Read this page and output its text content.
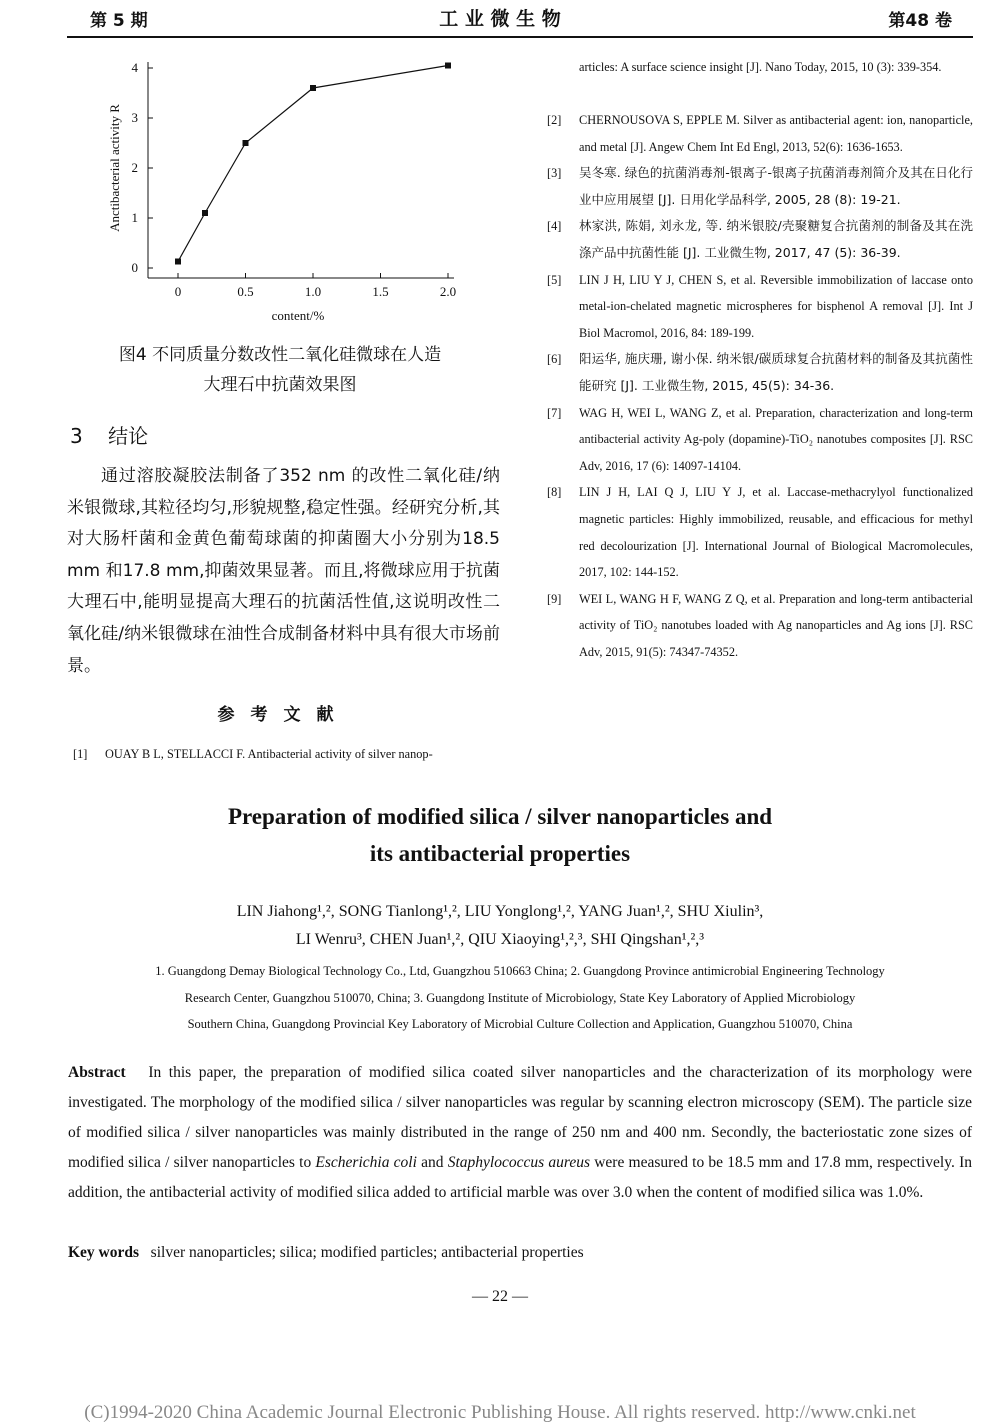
第 5 期	工 业 微 生 物	第48 卷
0
1
2
3
4
0	0.5	1.0	1.5	2.0
Anctibacterial activity R
content/%
图4 不同质量分数改性二氧化硅微球在人造
大理石中抗菌效果图
3 结论

通过溶胶凝胶法制备了352 nm 的改性二氧化硅/纳米银微球,其粒径均匀,形貌规整,稳定性强。经研究分析,其对大肠杆菌和金黄色葡萄球菌的抑菌圈大小分别为18.5 mm 和17.8 mm,抑菌效果显著。而且,将微球应用于抗菌大理石中,能明显提高大理石的抗菌活性值,这说明改性二氧化硅/纳米银微球在油性合成制备材料中具有很大市场前景。

参考文献
[1] OUAY B L, STELLACCI F. Antibacterial activity of silver nanop-
articles: A surface science insight [J]. Nano Today, 2015, 10 (3): 339-354.
[2] CHERNOUSOVA S, EPPLE M. Silver as antibacterial agent: ion, nanoparticle, and metal [J]. Angew Chem Int Ed Engl, 2013, 52(6): 1636-1653.
[3] 吴冬寒. 绿色的抗菌消毒剂-银离子-银离子抗菌消毒剂简介及其在日化行业中应用展望 [J]. 日用化学品科学, 2005, 28 (8): 19-21.
[4] 林家洪, 陈娟, 刘永龙, 等. 纳米银胶/壳聚糖复合抗菌剂的制备及其在洗涤产品中抗菌性能 [J]. 工业微生物, 2017, 47 (5): 36-39.
[5] LIN J H, LIU Y J, CHEN S, et al. Reversible immobilization of laccase onto metal-ion-chelated magnetic microspheres for bisphenol A removal [J]. Int J Biol Macromol, 2016, 84: 189-199.
[6] 阳运华, 施庆珊, 谢小保. 纳米银/碳质球复合抗菌材料的制备及其抗菌性能研究 [J]. 工业微生物, 2015, 45(5): 34-36.
[7] WAG H, WEI L, WANG Z, et al. Preparation, characterization and long-term antibacterial activity Ag-poly (dopamine)-TiO₂ nanotubes composites [J]. RSC Adv, 2016, 17 (6): 14097-14104.
[8] LIN J H, LAI Q J, LIU Y J, et al. Laccase-methacrylyol functionalized magnetic particles: Highly immobilized, reusable, and efficacious for methyl red decolourization [J]. International Journal of Biological Macromolecules, 2017, 102: 144-152.
[9] WEI L, WANG H F, WANG Z Q, et al. Preparation and long-term antibacterial activity of TiO₂ nanotubes loaded with Ag nanoparticles and Ag ions [J]. RSC Adv, 2015, 91(5): 74347-74352.
Preparation of modified silica / silver nanoparticles and
its antibacterial properties
LIN Jiahong¹,², SONG Tianlong¹,², LIU Yonglong¹,², YANG Juan¹,², SHU Xiulin³,
LI Wenru³, CHEN Juan¹,², QIU Xiaoying¹,²,³, SHI Qingshan¹,²,³
1. Guangdong Demay Biological Technology Co., Ltd, Guangzhou 510663 China; 2. Guangdong Province antimicrobial Engineering Technology
Research Center, Guangzhou 510070, China; 3. Guangdong Institute of Microbiology, State Key Laboratory of Applied Microbiology
Southern China, Guangdong Provincial Key Laboratory of Microbial Culture Collection and Application, Guangzhou 510070, China
Abstract In this paper, the preparation of modified silica coated silver nanoparticles and the characterization of its morphology were investigated. The morphology of the modified silica / silver nanoparticles was regular by scanning electron microscopy (SEM). The particle size of modified silica / silver nanoparticles was mainly distributed in the range of 250 nm and 400 nm. Secondly, the bacteriostatic zone sizes of modified silica / silver nanoparticles to Escherichia coli and Staphylococcus aureus were measured to be 18.5 mm and 17.8 mm, respectively. In addition, the antibacterial activity of modified silica added to artificial marble was over 3.0 when the content of modified silica was 1.0%.
Key words silver nanoparticles; silica; modified particles; antibacterial properties
— 22 —
(C)1994-2020 China Academic Journal Electronic Publishing House. All rights reserved. http://www.cnki.net
